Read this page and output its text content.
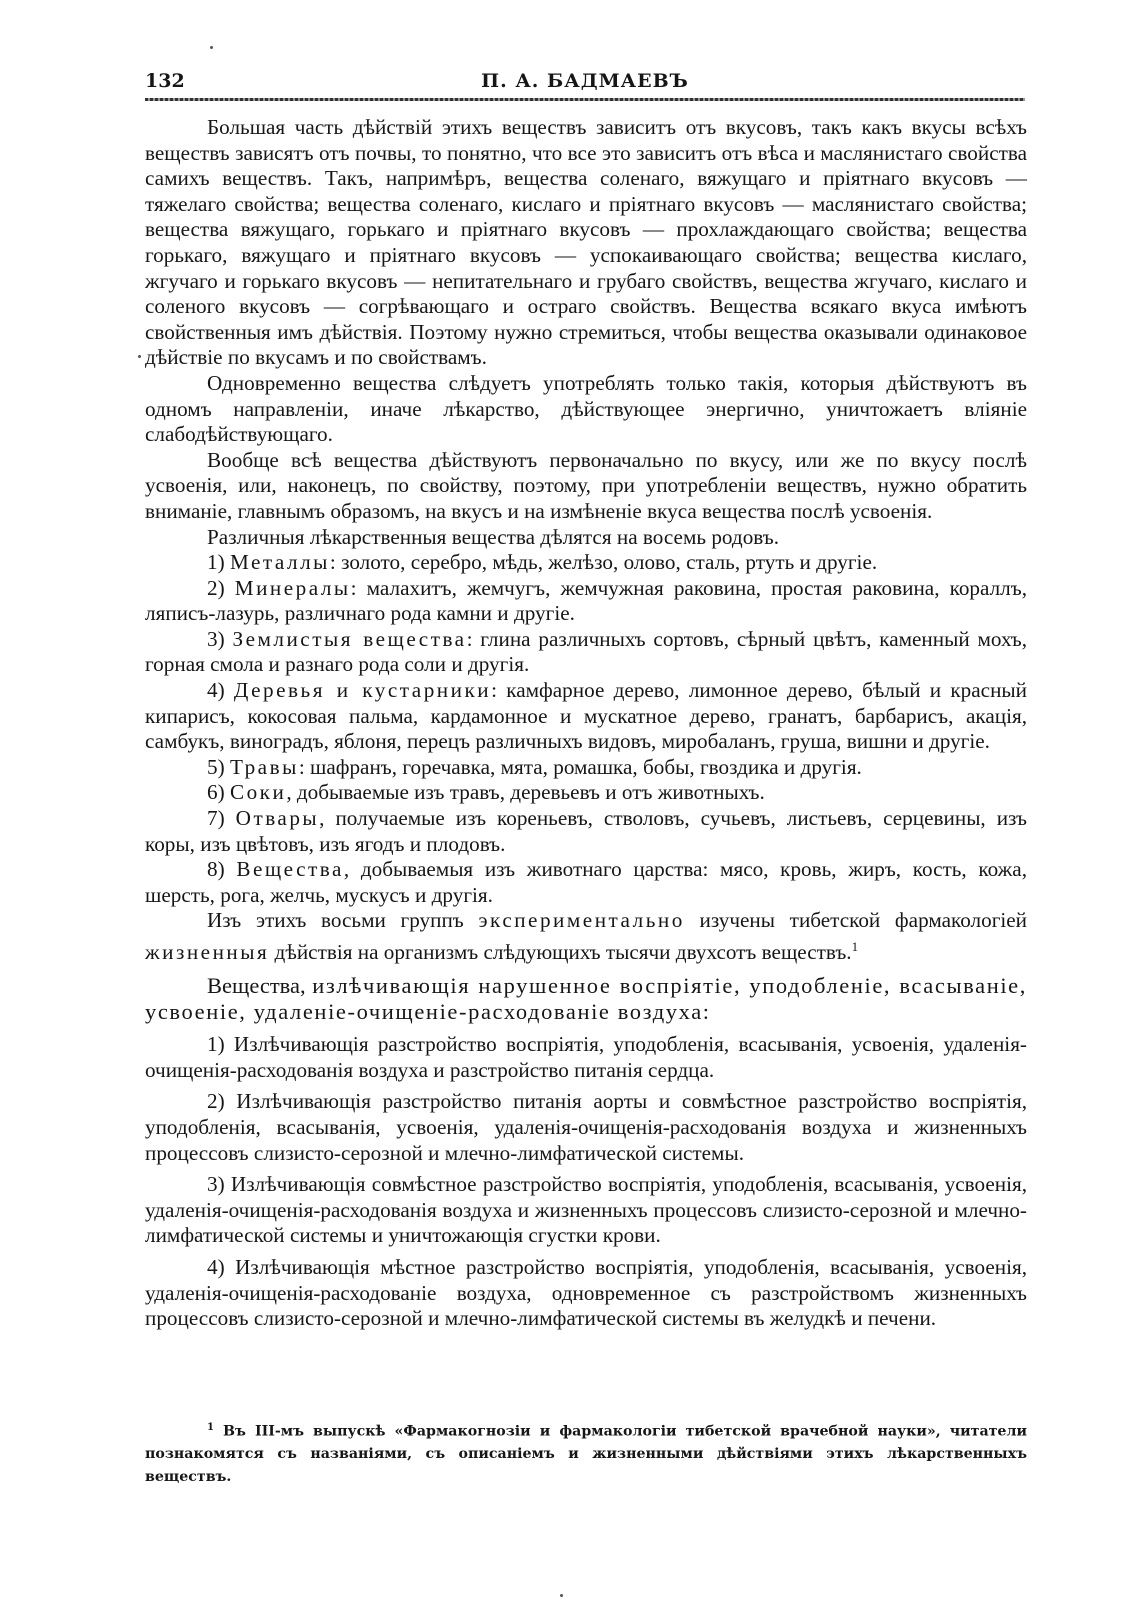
132	П. А. БАДМАЕВЪ

Большая часть дѣйствій этихъ веществъ зависитъ отъ вкусовъ, такъ какъ вкусы всѣхъ веществъ зависятъ отъ почвы, то понятно, что все это зависитъ отъ вѣса и маслянистаго свойства самихъ веществъ. Такъ, напримѣръ, вещества соленаго, вяжущаго и пріятнаго вкусовъ — тяжелаго свойства; вещества соленаго, кислаго и пріятнаго вкусовъ — маслянистаго свойства; вещества вяжущаго, горькаго и пріятнаго вкусовъ — прохлаждающаго свойства; вещества горькаго, вяжущаго и пріятнаго вкусовъ — успокаивающаго свойства; вещества кислаго, жгучаго и горькаго вкусовъ — непитательнаго и грубаго свойствъ, вещества жгучаго, кислаго и соленого вкусовъ — согрѣвающаго и остраго свойствъ. Вещества всякаго вкуса имѣютъ свойственныя имъ дѣйствія. Поэтому нужно стремиться, чтобы вещества оказывали одинаковое дѣйствіе по вкусамъ и по свойствамъ.

Одновременно вещества слѣдуетъ употреблять только такія, которыя дѣйствуютъ въ одномъ направленіи, иначе лѣкарство, дѣйствующее энергично, уничтожаетъ вліяніе слабодѣйствующаго.

Вообще всѣ вещества дѣйствуютъ первоначально по вкусу, или же по вкусу послѣ усвоенія, или, наконецъ, по свойству, поэтому, при употребленіи веществъ, нужно обратить вниманіе, главнымъ образомъ, на вкусъ и на измѣненіе вкуса вещества послѣ усвоенія.

Различныя лѣкарственныя вещества дѣлятся на восемь родовъ.

1) Металлы: золото, серебро, мѣдь, желѣзо, олово, сталь, ртуть и другіе.

2) Минералы: малахитъ, жемчугъ, жемчужная раковина, простая раковина, кораллъ, ляписъ-лазурь, различнаго рода камни и другіе.

3) Землистыя вещества: глина различныхъ сортовъ, сѣрный цвѣтъ, каменный мохъ, горная смола и разнаго рода соли и другія.

4) Деревья и кустарники: камфарное дерево, лимонное дерево, бѣлый и красный кипарисъ, кокосовая пальма, кардамонное и мускатное дерево, гранатъ, барбарисъ, акація, самбукъ, виноградъ, яблоня, перецъ различныхъ видовъ, миробаланъ, груша, вишни и другіе.

5) Травы: шафранъ, горечавка, мята, ромашка, бобы, гвоздика и другія.

6) Соки, добываемые изъ травъ, деревьевъ и отъ животныхъ.

7) Отвары, получаемые изъ кореньевъ, стволовъ, сучьевъ, листьевъ, серцевины, изъ коры, изъ цвѣтовъ, изъ ягодъ и плодовъ.

8) Вещества, добываемыя изъ животнаго царства: мясо, кровь, жиръ, кость, кожа, шерсть, рога, желчь, мускусъ и другія.

Изъ этихъ восьми группъ экспериментально изучены тибетской фармакологіей жизненныя дѣйствія на организмъ слѣдующихъ тысячи двухсотъ веществъ.$^1$

Вещества, излѣчивающія нарушенное воспріятіе, уподобленіе, всасываніе, усвоеніе, удаленіе-очищеніе-расходованіе воздуха:

1) Излѣчивающія разстройство воспріятія, уподобленія, всасыванія, усвоенія, удаленія-очищенія-расходованія воздуха и разстройство питанія сердца.

2) Излѣчивающія разстройство питанія аорты и совмѣстное разстройство воспріятія, уподобленія, всасыванія, усвоенія, удаленія-очищенія-расходованія воздуха и жизненныхъ процессовъ слизисто-серозной и млечно-лимфатической системы.

3) Излѣчивающія совмѣстное разстройство воспріятія, уподобленія, всасыванія, усвоенія, удаленія-очищенія-расходованія воздуха и жизненныхъ процессовъ слизисто-серозной и млечно-лимфатической системы и уничтожающія сгустки крови.

4) Излѣчивающія мѣстное разстройство воспріятія, уподобленія, всасыванія, усвоенія, удаленія-очищенія-расходованіе воздуха, одновременное съ разстройствомъ жизненныхъ процессовъ слизисто-серозной и млечно-лимфатической системы въ желудкѣ и печени.

$^1$ Въ III-мъ выпускѣ «Фармакогнозіи и фармакологіи тибетской врачебной науки», читатели познакомятся съ названіями, съ описаніемъ и жизненными дѣйствіями этихъ лѣкарственныхъ веществъ.
